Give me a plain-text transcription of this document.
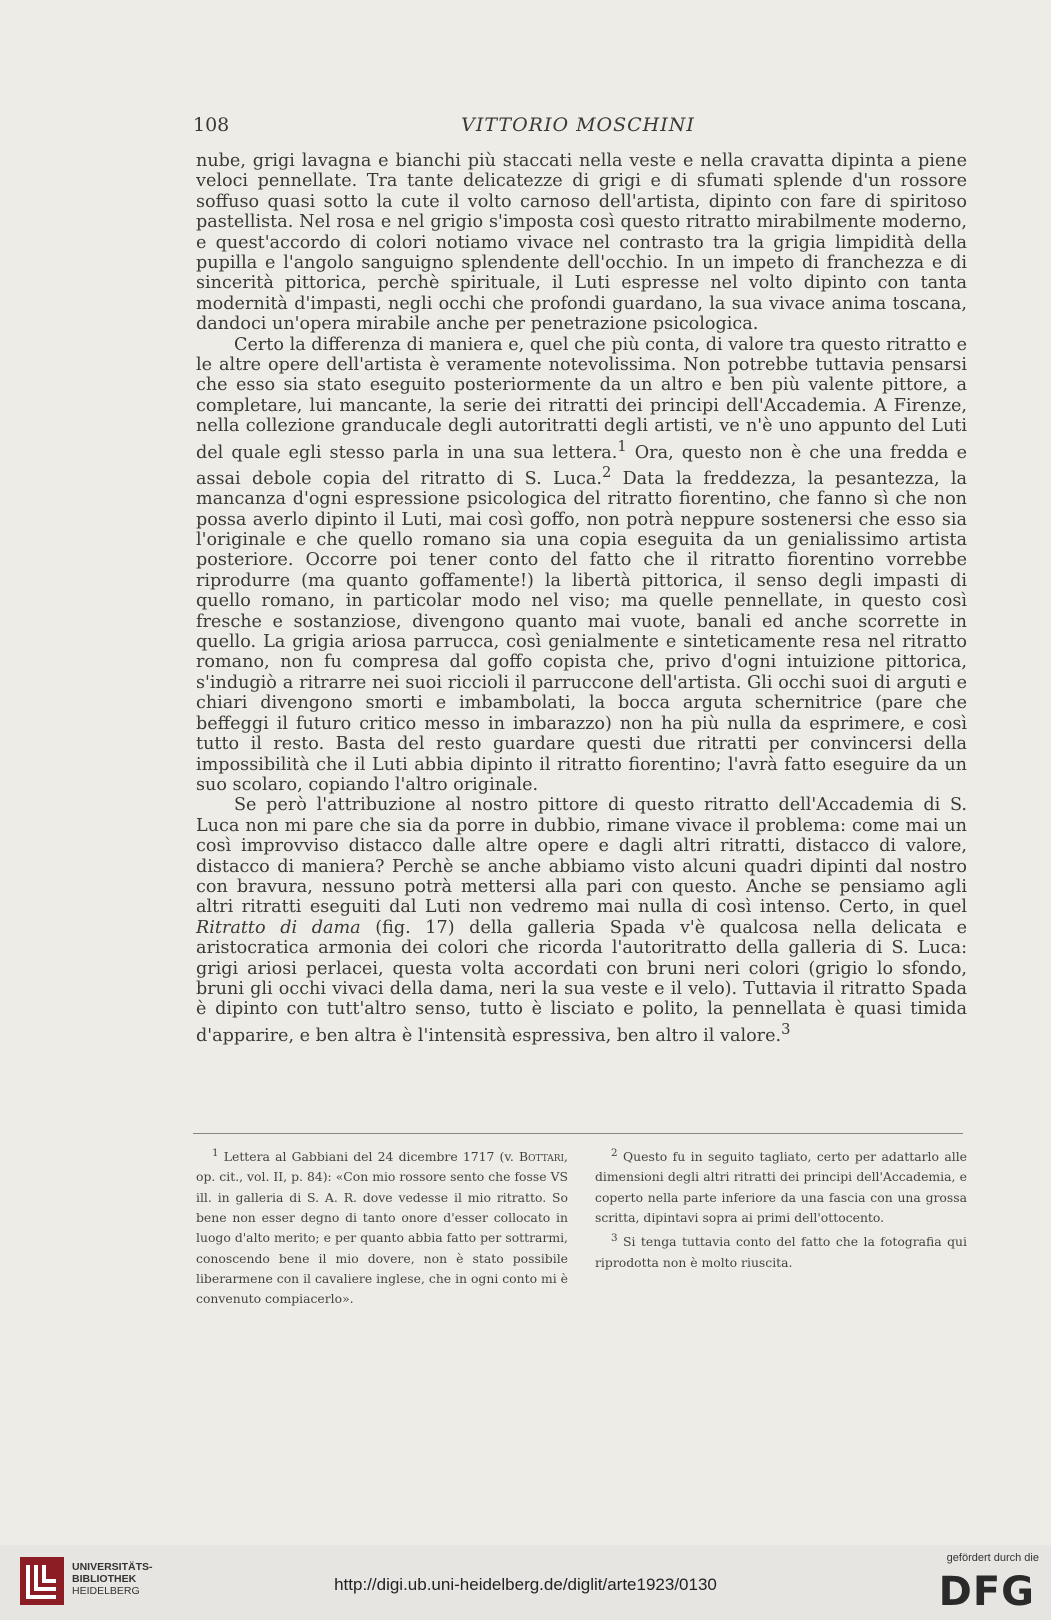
108	VITTORIO MOSCHINI

nube, grigi lavagna e bianchi più staccati nella veste e nella cravatta dipinta a piene veloci pennellate. Tra tante delicatezze di grigi e di sfumati splende d'un rossore soffuso quasi sotto la cute il volto carnoso dell'artista, dipinto con fare di spiritoso pastellista. Nel rosa e nel grigio s'imposta così questo ritratto mirabilmente moderno, e quest'accordo di colori notiamo vivace nel contrasto tra la grigia limpidità della pupilla e l'angolo sanguigno splendente dell'occhio. In un impeto di franchezza e di sincerità pittorica, perchè spirituale, il Luti espresse nel volto dipinto con tanta modernità d'impasti, negli occhi che profondi guardano, la sua vivace anima toscana, dandoci un'opera mirabile anche per penetrazione psicologica.

Certo la differenza di maniera e, quel che più conta, di valore tra questo ritratto e le altre opere dell'artista è veramente notevolissima. Non potrebbe tuttavia pensarsi che esso sia stato eseguito posteriormente da un altro e ben più valente pittore, a completare, lui mancante, la serie dei ritratti dei principi dell'Accademia. A Firenze, nella collezione granducale degli autoritratti degli artisti, ve n'è uno appunto del Luti del quale egli stesso parla in una sua lettera.$^1$ Ora, questo non è che una fredda e assai debole copia del ritratto di S. Luca.$^2$ Data la freddezza, la pesantezza, la mancanza d'ogni espressione psicologica del ritratto fiorentino, che fanno sì che non possa averlo dipinto il Luti, mai così goffo, non potrà neppure sostenersi che esso sia l'originale e che quello romano sia una copia eseguita da un genialissimo artista posteriore. Occorre poi tener conto del fatto che il ritratto fiorentino vorrebbe riprodurre (ma quanto goffamente!) la libertà pittorica, il senso degli impasti di quello romano, in particolar modo nel viso; ma quelle pennellate, in questo così fresche e sostanziose, divengono quanto mai vuote, banali ed anche scorrette in quello. La grigia ariosa parrucca, così genialmente e sinteticamente resa nel ritratto romano, non fu compresa dal goffo copista che, privo d'ogni intuizione pittorica, s'indugiò a ritrarre nei suoi riccioli il parruccone dell'artista. Gli occhi suoi di arguti e chiari divengono smorti e imbambolati, la bocca arguta schernitrice (pare che beffeggi il futuro critico messo in imbarazzo) non ha più nulla da esprimere, e così tutto il resto. Basta del resto guardare questi due ritratti per convincersi della impossibilità che il Luti abbia dipinto il ritratto fiorentino; l'avrà fatto eseguire da un suo scolaro, copiando l'altro originale.

Se però l'attribuzione al nostro pittore di questo ritratto dell'Accademia di S. Luca non mi pare che sia da porre in dubbio, rimane vivace il problema: come mai un così improvviso distacco dalle altre opere e dagli altri ritratti, distacco di valore, distacco di maniera? Perchè se anche abbiamo visto alcuni quadri dipinti dal nostro con bravura, nessuno potrà mettersi alla pari con questo. Anche se pensiamo agli altri ritratti eseguiti dal Luti non vedremo mai nulla di così intenso. Certo, in quel Ritratto di dama (fig. 17) della galleria Spada v'è qualcosa nella delicata e aristocratica armonia dei colori che ricorda l'autoritratto della galleria di S. Luca: grigi ariosi perlacei, questa volta accordati con bruni neri colori (grigio lo sfondo, bruni gli occhi vivaci della dama, neri la sua veste e il velo). Tuttavia il ritratto Spada è dipinto con tutt'altro senso, tutto è lisciato e polito, la pennellata è quasi timida d'apparire, e ben altra è l'intensità espressiva, ben altro il valore.$^3$

$^1$ Lettera al Gabbiani del 24 dicembre 1717 (v. Bottari, op. cit., vol. II, p. 84): «Con mio rossore sento che fosse VS ill. in galleria di S. A. R. dove vedesse il mio ritratto. So bene non esser degno di tanto onore d'esser collocato in luogo d'alto merito; e per quanto abbia fatto per sottrarmi, conoscendo bene il mio dovere, non è stato possibile liberarmene con il cavaliere inglese, che in ogni conto mi è convenuto compiacerlo».

$^2$ Questo fu in seguito tagliato, certo per adattarlo alle dimensioni degli altri ritratti dei principi dell'Accademia, e coperto nella parte inferiore da una fascia con una grossa scritta, dipintavi sopra ai primi dell'ottocento.

$^3$ Si tenga tuttavia conto del fatto che la fotografia qui riprodotta non è molto riuscita.

UNIVERSITÄTS-
BIBLIOTHEK
HEIDELBERG	http://digi.ub.uni-heidelberg.de/diglit/arte1923/0130
gefördert durch die
DFG
